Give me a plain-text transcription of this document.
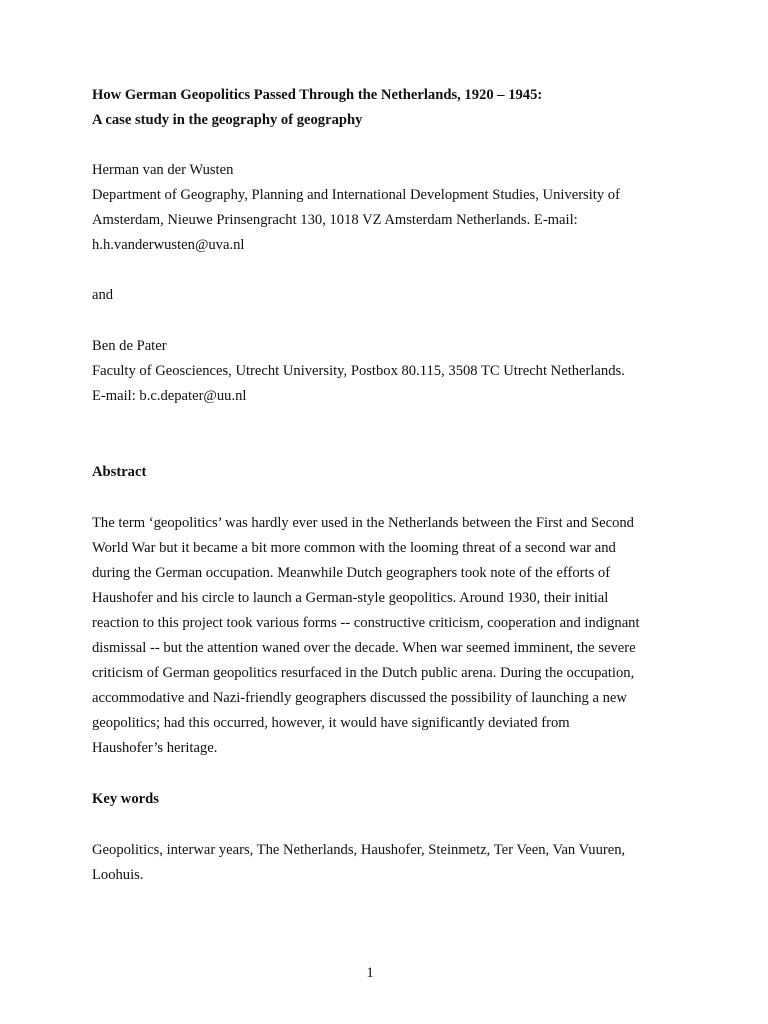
How German Geopolitics Passed Through the Netherlands, 1920 – 1945:
A case study in the geography of geography
Herman van der Wusten
Department of Geography, Planning and International Development Studies, University of
Amsterdam, Nieuwe Prinsengracht 130, 1018 VZ Amsterdam Netherlands. E-mail:
h.h.vanderwusten@uva.nl
and
Ben de Pater
Faculty of Geosciences, Utrecht University, Postbox 80.115, 3508 TC Utrecht Netherlands.
E-mail: b.c.depater@uu.nl
Abstract
The term ‘geopolitics’ was hardly ever used in the Netherlands between the First and Second
World War but it became a bit more common with the looming threat of a second war and
during the German occupation. Meanwhile Dutch geographers took note of the efforts of
Haushofer and his circle to launch a German-style geopolitics. Around 1930, their initial
reaction to this project took various forms -- constructive criticism, cooperation and indignant
dismissal -- but the attention waned over the decade. When war seemed imminent, the severe
criticism of German geopolitics resurfaced in the Dutch public arena. During the occupation,
accommodative and Nazi-friendly geographers discussed the possibility of launching a new
geopolitics; had this occurred, however, it would have significantly deviated from
Haushofer’s heritage.
Key words
Geopolitics, interwar years, The Netherlands, Haushofer, Steinmetz, Ter Veen, Van Vuuren,
Loohuis.
1
